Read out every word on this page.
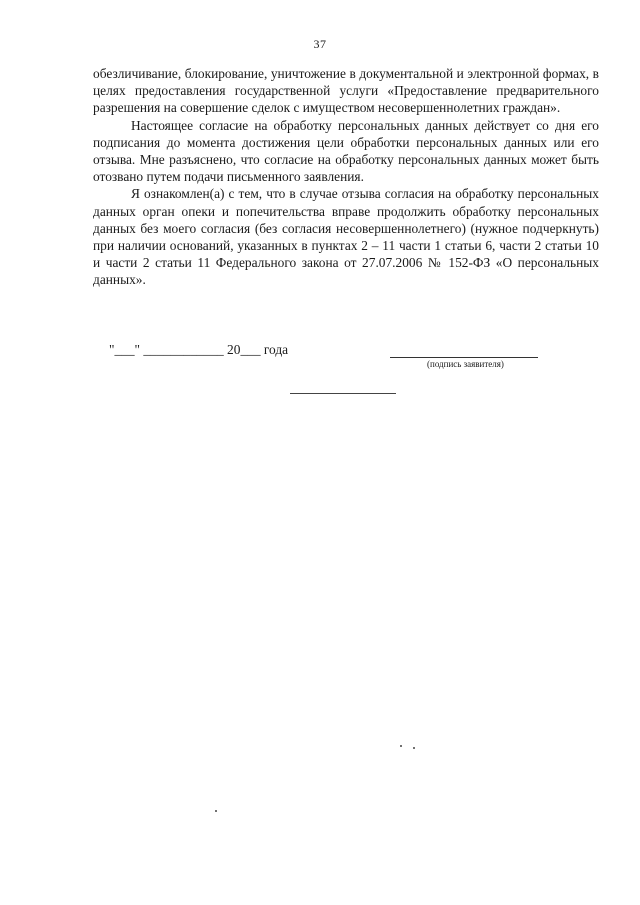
37

обезличивание, блокирование, уничтожение в документальной и электронной формах, в целях предоставления государственной услуги «Предоставление предварительного разрешения на совершение сделок с имуществом несовершеннолетних граждан».

Настоящее согласие на обработку персональных данных действует со дня его подписания до момента достижения цели обработки персональных данных или его отзыва. Мне разъяснено, что согласие на обработку персональных данных может быть отозвано путем подачи письменного заявления.

Я ознакомлен(а) с тем, что в случае отзыва согласия на обработку персональных данных орган опеки и попечительства вправе продолжить обработку персональных данных без моего согласия (без согласия несовершеннолетнего) (нужное подчеркнуть) при наличии оснований, указанных в пунктах 2 – 11 части 1 статьи 6, части 2 статьи 10 и части 2 статьи 11 Федерального закона от 27.07.2006 № 152-ФЗ «О персональных данных».

"___" ____________ 20___ года
(подпись заявителя)
